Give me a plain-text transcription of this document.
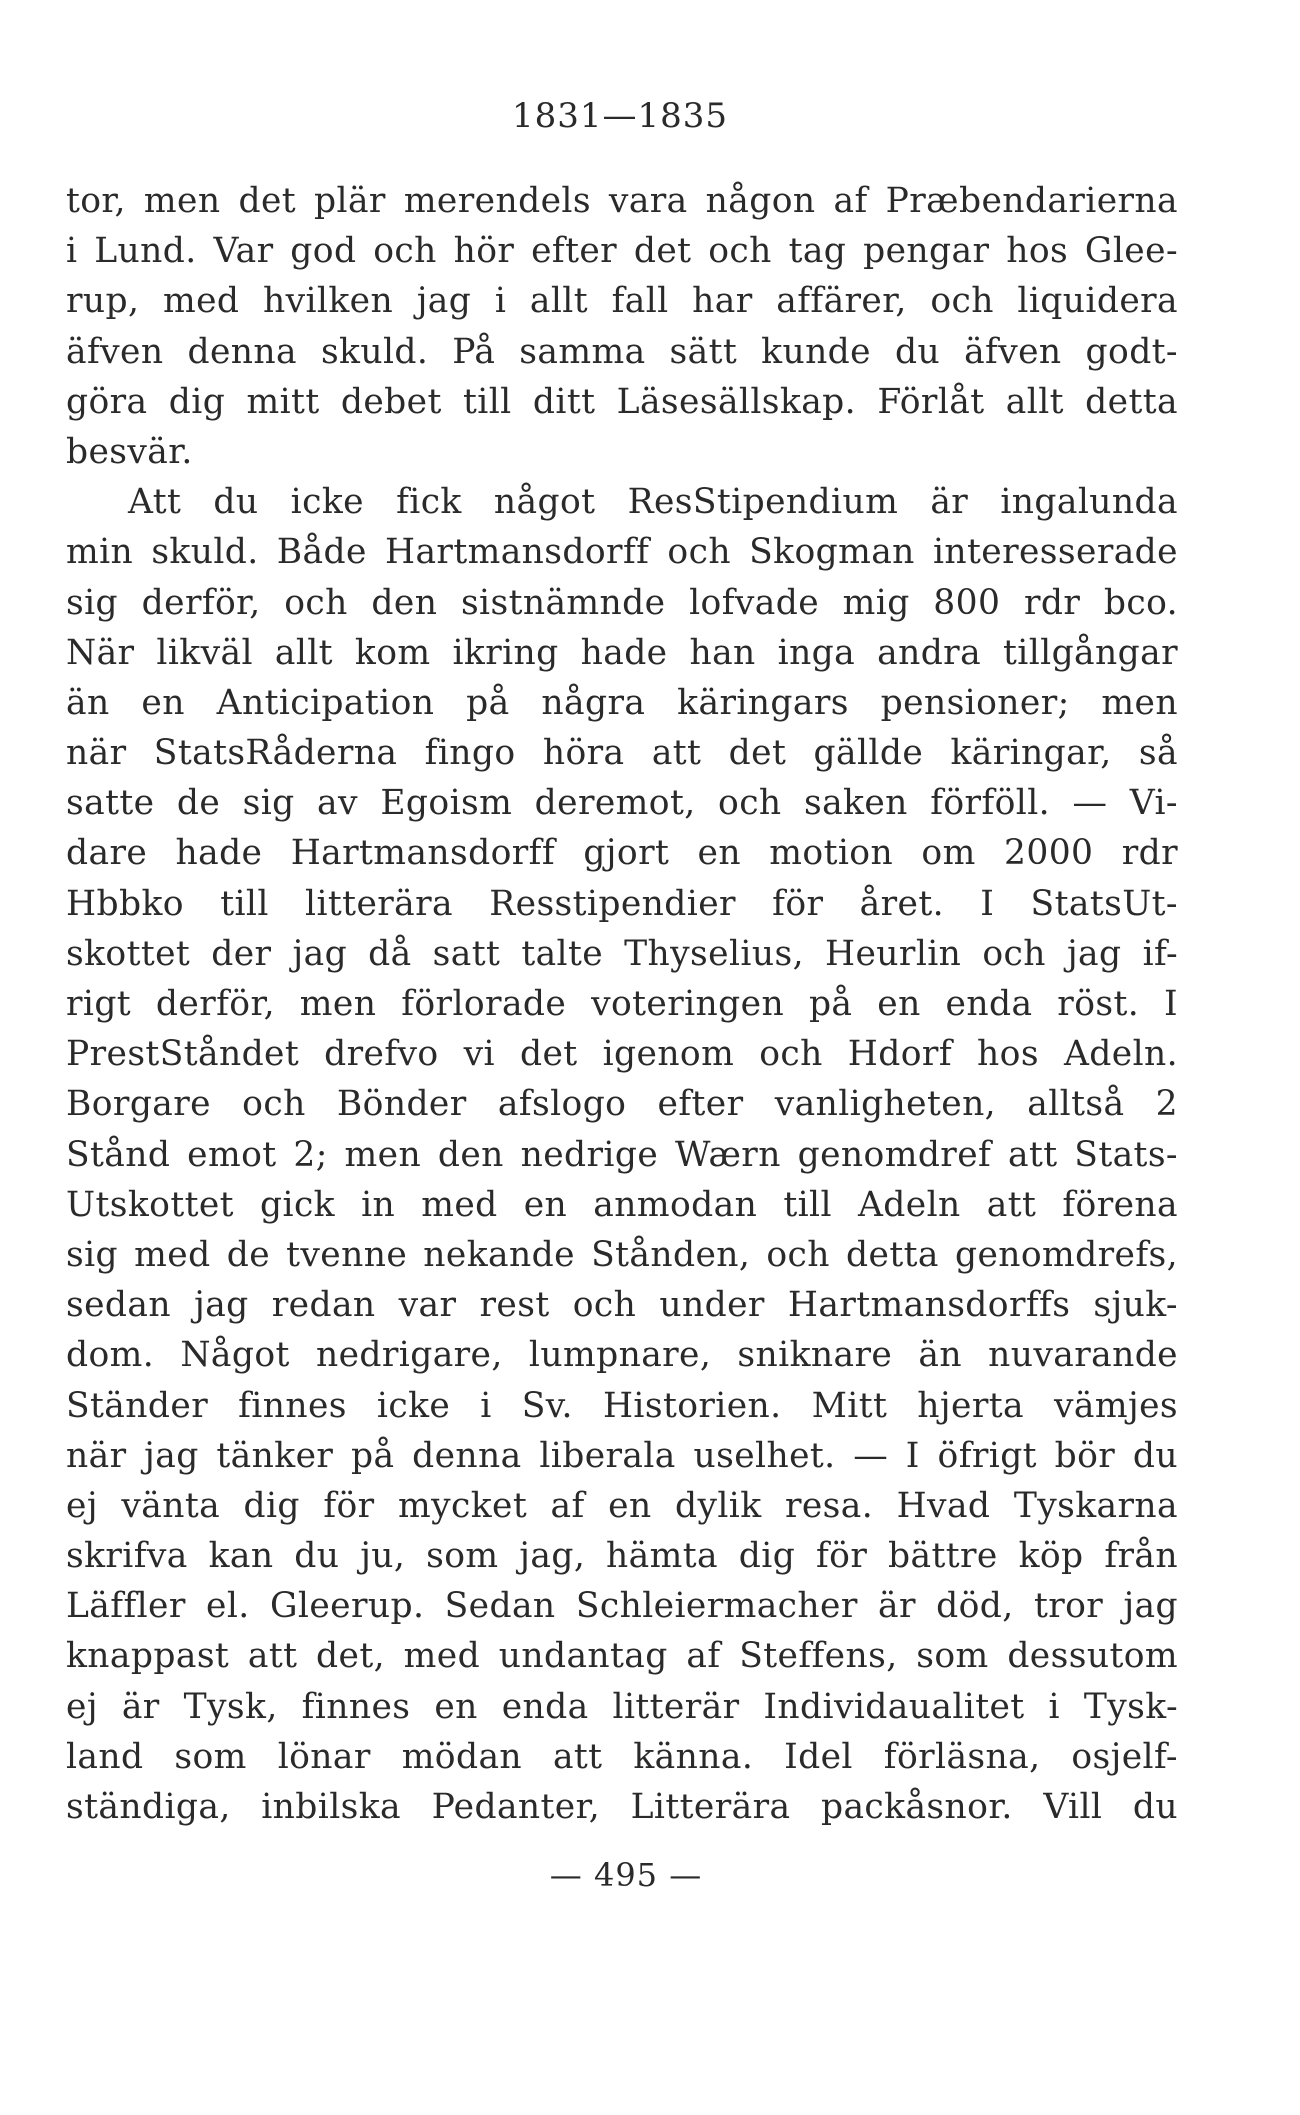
1831—1835
tor, men det plär merendels vara någon af Præbendarierna
i Lund. Var god och hör efter det och tag pengar hos Glee-
rup, med hvilken jag i allt fall har affärer, och liquidera
äfven denna skuld. På samma sätt kunde du äfven godt-
göra dig mitt debet till ditt Läsesällskap. Förlåt allt detta
besvär.
Att du icke fick något ResStipendium är ingalunda
min skuld. Både Hartmansdorff och Skogman interesserade
sig derför, och den sistnämnde lofvade mig 800 rdr bco.
När likväl allt kom ikring hade han inga andra tillgångar
än en Anticipation på några käringars pensioner; men
när StatsRåderna fingo höra att det gällde käringar, så
satte de sig av Egoism deremot, och saken förföll. — Vi-
dare hade Hartmansdorff gjort en motion om 2000 rdr
Hbbko till litterära Resstipendier för året. I StatsUt-
skottet der jag då satt talte Thyselius, Heurlin och jag if-
rigt derför, men förlorade voteringen på en enda röst. I
PrestStåndet drefvo vi det igenom och Hdorf hos Adeln.
Borgare och Bönder afslogo efter vanligheten, alltså 2
Stånd emot 2; men den nedrige Wærn genomdref att Stats-
Utskottet gick in med en anmodan till Adeln att förena
sig med de tvenne nekande Stånden, och detta genomdrefs,
sedan jag redan var rest och under Hartmansdorffs sjuk-
dom. Något nedrigare, lumpnare, sniknare än nuvarande
Ständer finnes icke i Sv. Historien. Mitt hjerta vämjes
när jag tänker på denna liberala uselhet. — I öfrigt bör du
ej vänta dig för mycket af en dylik resa. Hvad Tyskarna
skrifva kan du ju, som jag, hämta dig för bättre köp från
Läffler el. Gleerup. Sedan Schleiermacher är död, tror jag
knappast att det, med undantag af Steffens, som dessutom
ej är Tysk, finnes en enda litterär Individaualitet i Tysk-
land som lönar mödan att känna. Idel förläsna, osjelf-
ständiga, inbilska Pedanter, Litterära packåsnor. Vill du
— 495 —
